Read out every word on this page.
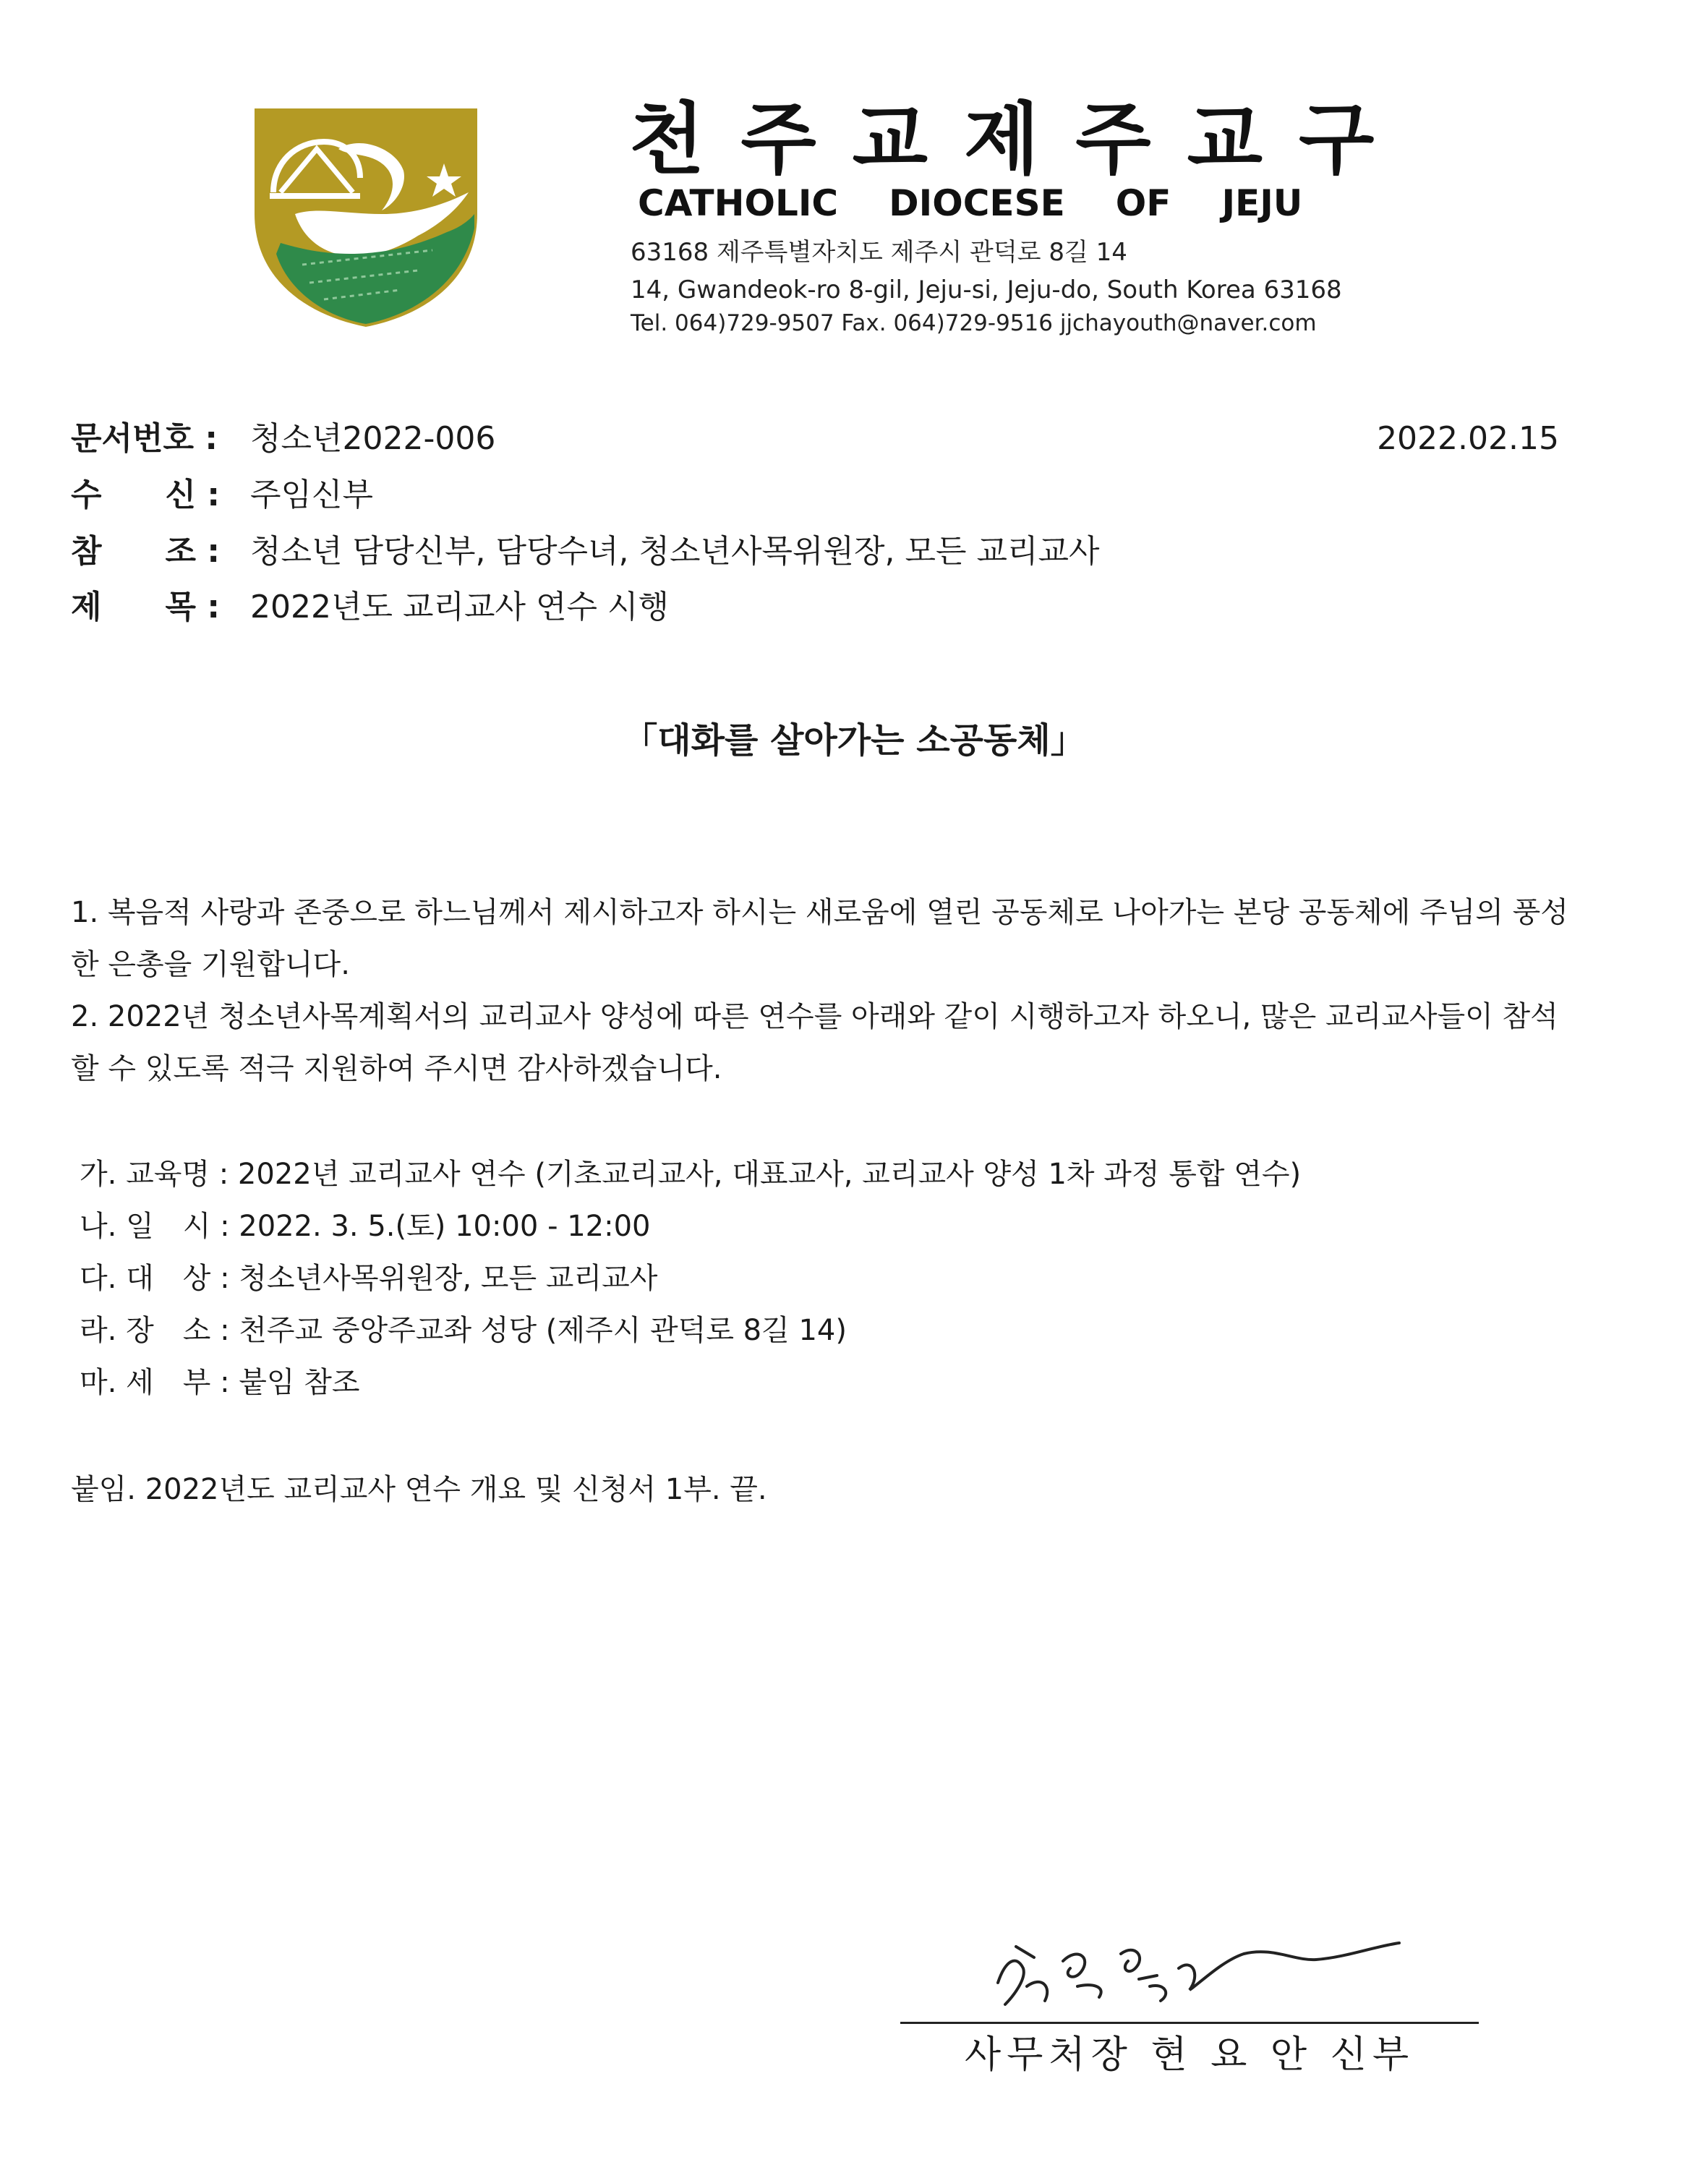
천주교제주교구
CATHOLIC DIOCESE OF JEJU
63168 제주특별자치도 제주시 관덕로 8길 14
14, Gwandeok-ro 8-gil, Jeju-si, Jeju-do, South Korea 63168
Tel. 064)729-9507 Fax. 064)729-9516 jjchayouth@naver.com
문서번호 : 청소년2022-006	2022.02.15
수　　신 : 주임신부
참　　조 : 청소년 담당신부, 담당수녀, 청소년사목위원장, 모든 교리교사
제　　목 : 2022년도 교리교사 연수 시행
「대화를 살아가는 소공동체」
1. 복음적 사랑과 존중으로 하느님께서 제시하고자 하시는 새로움에 열린 공동체로 나아가는 본당 공동체에 주님의 풍성한 은총을 기원합니다.
2. 2022년 청소년사목계획서의 교리교사 양성에 따른 연수를 아래와 같이 시행하고자 하오니, 많은 교리교사들이 참석할 수 있도록 적극 지원하여 주시면 감사하겠습니다.
가. 교육명 : 2022년 교리교사 연수 (기초교리교사, 대표교사, 교리교사 양성 1차 과정 통합 연수)
나. 일　시 : 2022. 3. 5.(토) 10:00 - 12:00
다. 대　상 : 청소년사목위원장, 모든 교리교사
라. 장　소 : 천주교 중앙주교좌 성당 (제주시 관덕로 8길 14)
마. 세　부 : 붙임 참조
붙임. 2022년도 교리교사 연수 개요 및 신청서 1부. 끝.
사무처장 현 요 안 신부
